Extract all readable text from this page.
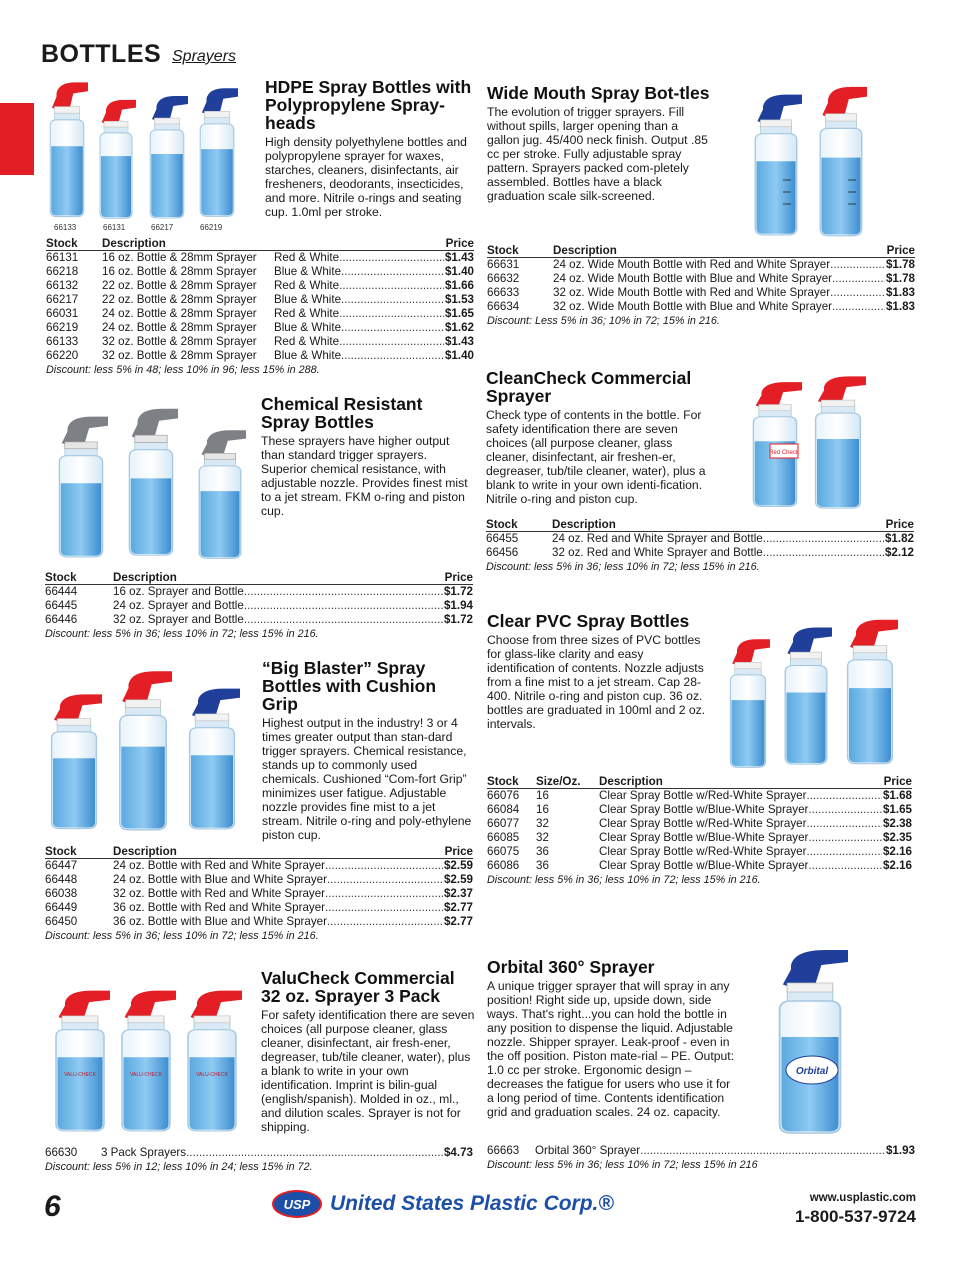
BOTTLES Sprayers
66133	66131	66217	66219
HDPE Spray Bottles with Polypropylene Spray-heads
High density polyethylene bottles and polypropylene sprayer for waxes, starches, cleaners, disinfectants, air fresheners, deodorants, insecticides, and more. Nitrile o-rings and seating cup. 1.0ml per stroke.
Stock	Description	Price
66131	16 oz. Bottle & 28mm Sprayer	Red & White .....	$1.43
66218	16 oz. Bottle & 28mm Sprayer	Blue & White .....	$1.40
66132	22 oz. Bottle & 28mm Sprayer	Red & White .....	$1.66
66217	22 oz. Bottle & 28mm Sprayer	Blue & White .....	$1.53
66031	24 oz. Bottle & 28mm Sprayer	Red & White .....	$1.65
66219	24 oz. Bottle & 28mm Sprayer	Blue & White .....	$1.62
66133	32 oz. Bottle & 28mm Sprayer	Red & White .....	$1.43
66220	32 oz. Bottle & 28mm Sprayer	Blue & White .....	$1.40
Discount: less 5% in 48; less 10% in 96; less 15% in 288.
Wide Mouth Spray Bot-tles
The evolution of trigger sprayers. Fill without spills, larger opening than a gallon jug. 45/400 neck finish. Output .85 cc per stroke. Fully adjustable spray pattern. Sprayers packed com-pletely assembled. Bottles have a black graduation scale silk-screened.
Stock	Description	Price
66631	24 oz. Wide Mouth Bottle with Red and White Sprayer .....	$1.78
66632	24 oz. Wide Mouth Bottle with Blue and White Sprayer .....	$1.78
66633	32 oz. Wide Mouth Bottle with Red and White Sprayer .....	$1.83
66634	32 oz. Wide Mouth Bottle with Blue and White Sprayer .....	$1.83
Discount: Less 5% in 36; 10% in 72; 15% in 216.
Chemical Resistant Spray Bottles
These sprayers have higher output than standard trigger sprayers. Superior chemical resistance, with adjustable nozzle. Provides finest mist to a jet stream. FKM o-ring and piston cup.
Stock	Description	Price
66444	16 oz. Sprayer and Bottle .....	$1.72
66445	24 oz. Sprayer and Bottle .....	$1.94
66446	32 oz. Sprayer and Bottle .....	$1.72
Discount: less 5% in 36; less 10% in 72; less 15% in 216.
CleanCheck Commercial Sprayer
Check type of contents in the bottle. For safety identification there are seven choices (all purpose cleaner, glass cleaner, disinfectant, air freshen-er, degreaser, tub/tile cleaner, water), plus a blank to write in your own identi-fication. Nitrile o-ring and piston cup.
Red Check
Stock	Description	Price
66455	24 oz. Red and White Sprayer and Bottle .....	$1.82
66456	32 oz. Red and White Sprayer and Bottle .....	$2.12
Discount: less 5% in 36; less 10% in 72; less 15% in 216.
“Big Blaster” Spray Bottles with Cushion Grip
Highest output in the industry! 3 or 4 times greater output than stan-dard trigger sprayers. Chemical resistance, stands up to commonly used chemicals. Cushioned “Com-fort Grip” minimizes user fatigue. Adjustable nozzle provides fine mist to a jet stream. Nitrile o-ring and poly-ethylene piston cup.
Stock	Description	Price
66447	24 oz. Bottle with Red and White Sprayer .....	$2.59
66448	24 oz. Bottle with Blue and White Sprayer .....	$2.59
66038	32 oz. Bottle with Red and White Sprayer .....	$2.37
66449	36 oz. Bottle with Red and White Sprayer .....	$2.77
66450	36 oz. Bottle with Blue and White Sprayer .....	$2.77
Discount: less 5% in 36; less 10% in 72; less 15% in 216.
Clear PVC Spray Bottles
Choose from three sizes of PVC bottles for glass-like clarity and easy identification of contents. Nozzle adjusts from a fine mist to a jet stream. Cap 28-400. Nitrile o-ring and piston cup. 36 oz. bottles are graduated in 100ml and 2 oz. intervals.
Stock	Size/Oz.	Description	Price
66076	16	Clear Spray Bottle w/Red-White Sprayer .....	$1.68
66084	16	Clear Spray Bottle w/Blue-White Sprayer .....	$1.65
66077	32	Clear Spray Bottle w/Red-White Sprayer .....	$2.38
66085	32	Clear Spray Bottle w/Blue-White Sprayer .....	$2.35
66075	36	Clear Spray Bottle w/Red-White Sprayer .....	$2.16
66086	36	Clear Spray Bottle w/Blue-White Sprayer .....	$2.16
Discount: less 5% in 36; less 10% in 72; less 15% in 216.
VALU-CHECK	VALU-CHECK	VALU-CHECK
ValuCheck Commercial 32 oz. Sprayer 3 Pack
For safety identification there are seven choices (all purpose cleaner, glass cleaner, disinfectant, air fresh-ener, degreaser, tub/tile cleaner, water), plus a blank to write in your own identification. Imprint is bilin-gual (english/spanish). Molded in oz., ml., and dilution scales. Sprayer is not for shipping.
66630	3 Pack Sprayers .....	$4.73
Discount: less 5% in 12; less 10% in 24; less 15% in 72.
Orbital 360° Sprayer
A unique trigger sprayer that will spray in any position! Right side up, upside down, side ways. That's right...you can hold the bottle in any position to dispense the liquid. Adjustable nozzle. Shipper sprayer. Leak-proof - even in the off position. Piston mate-rial – PE. Output: 1.0 cc per stroke. Ergonomic design – decreases the fatigue for users who use it for a long period of time. Contents identification grid and graduation scales. 24 oz. capacity.
Orbital
66663	Orbital 360° Sprayer .....	$1.93
Discount: less 5% in 36; less 10% in 72; less 15% in 216
6	USP United States Plastic Corp.®	www.usplastic.com
1-800-537-9724
